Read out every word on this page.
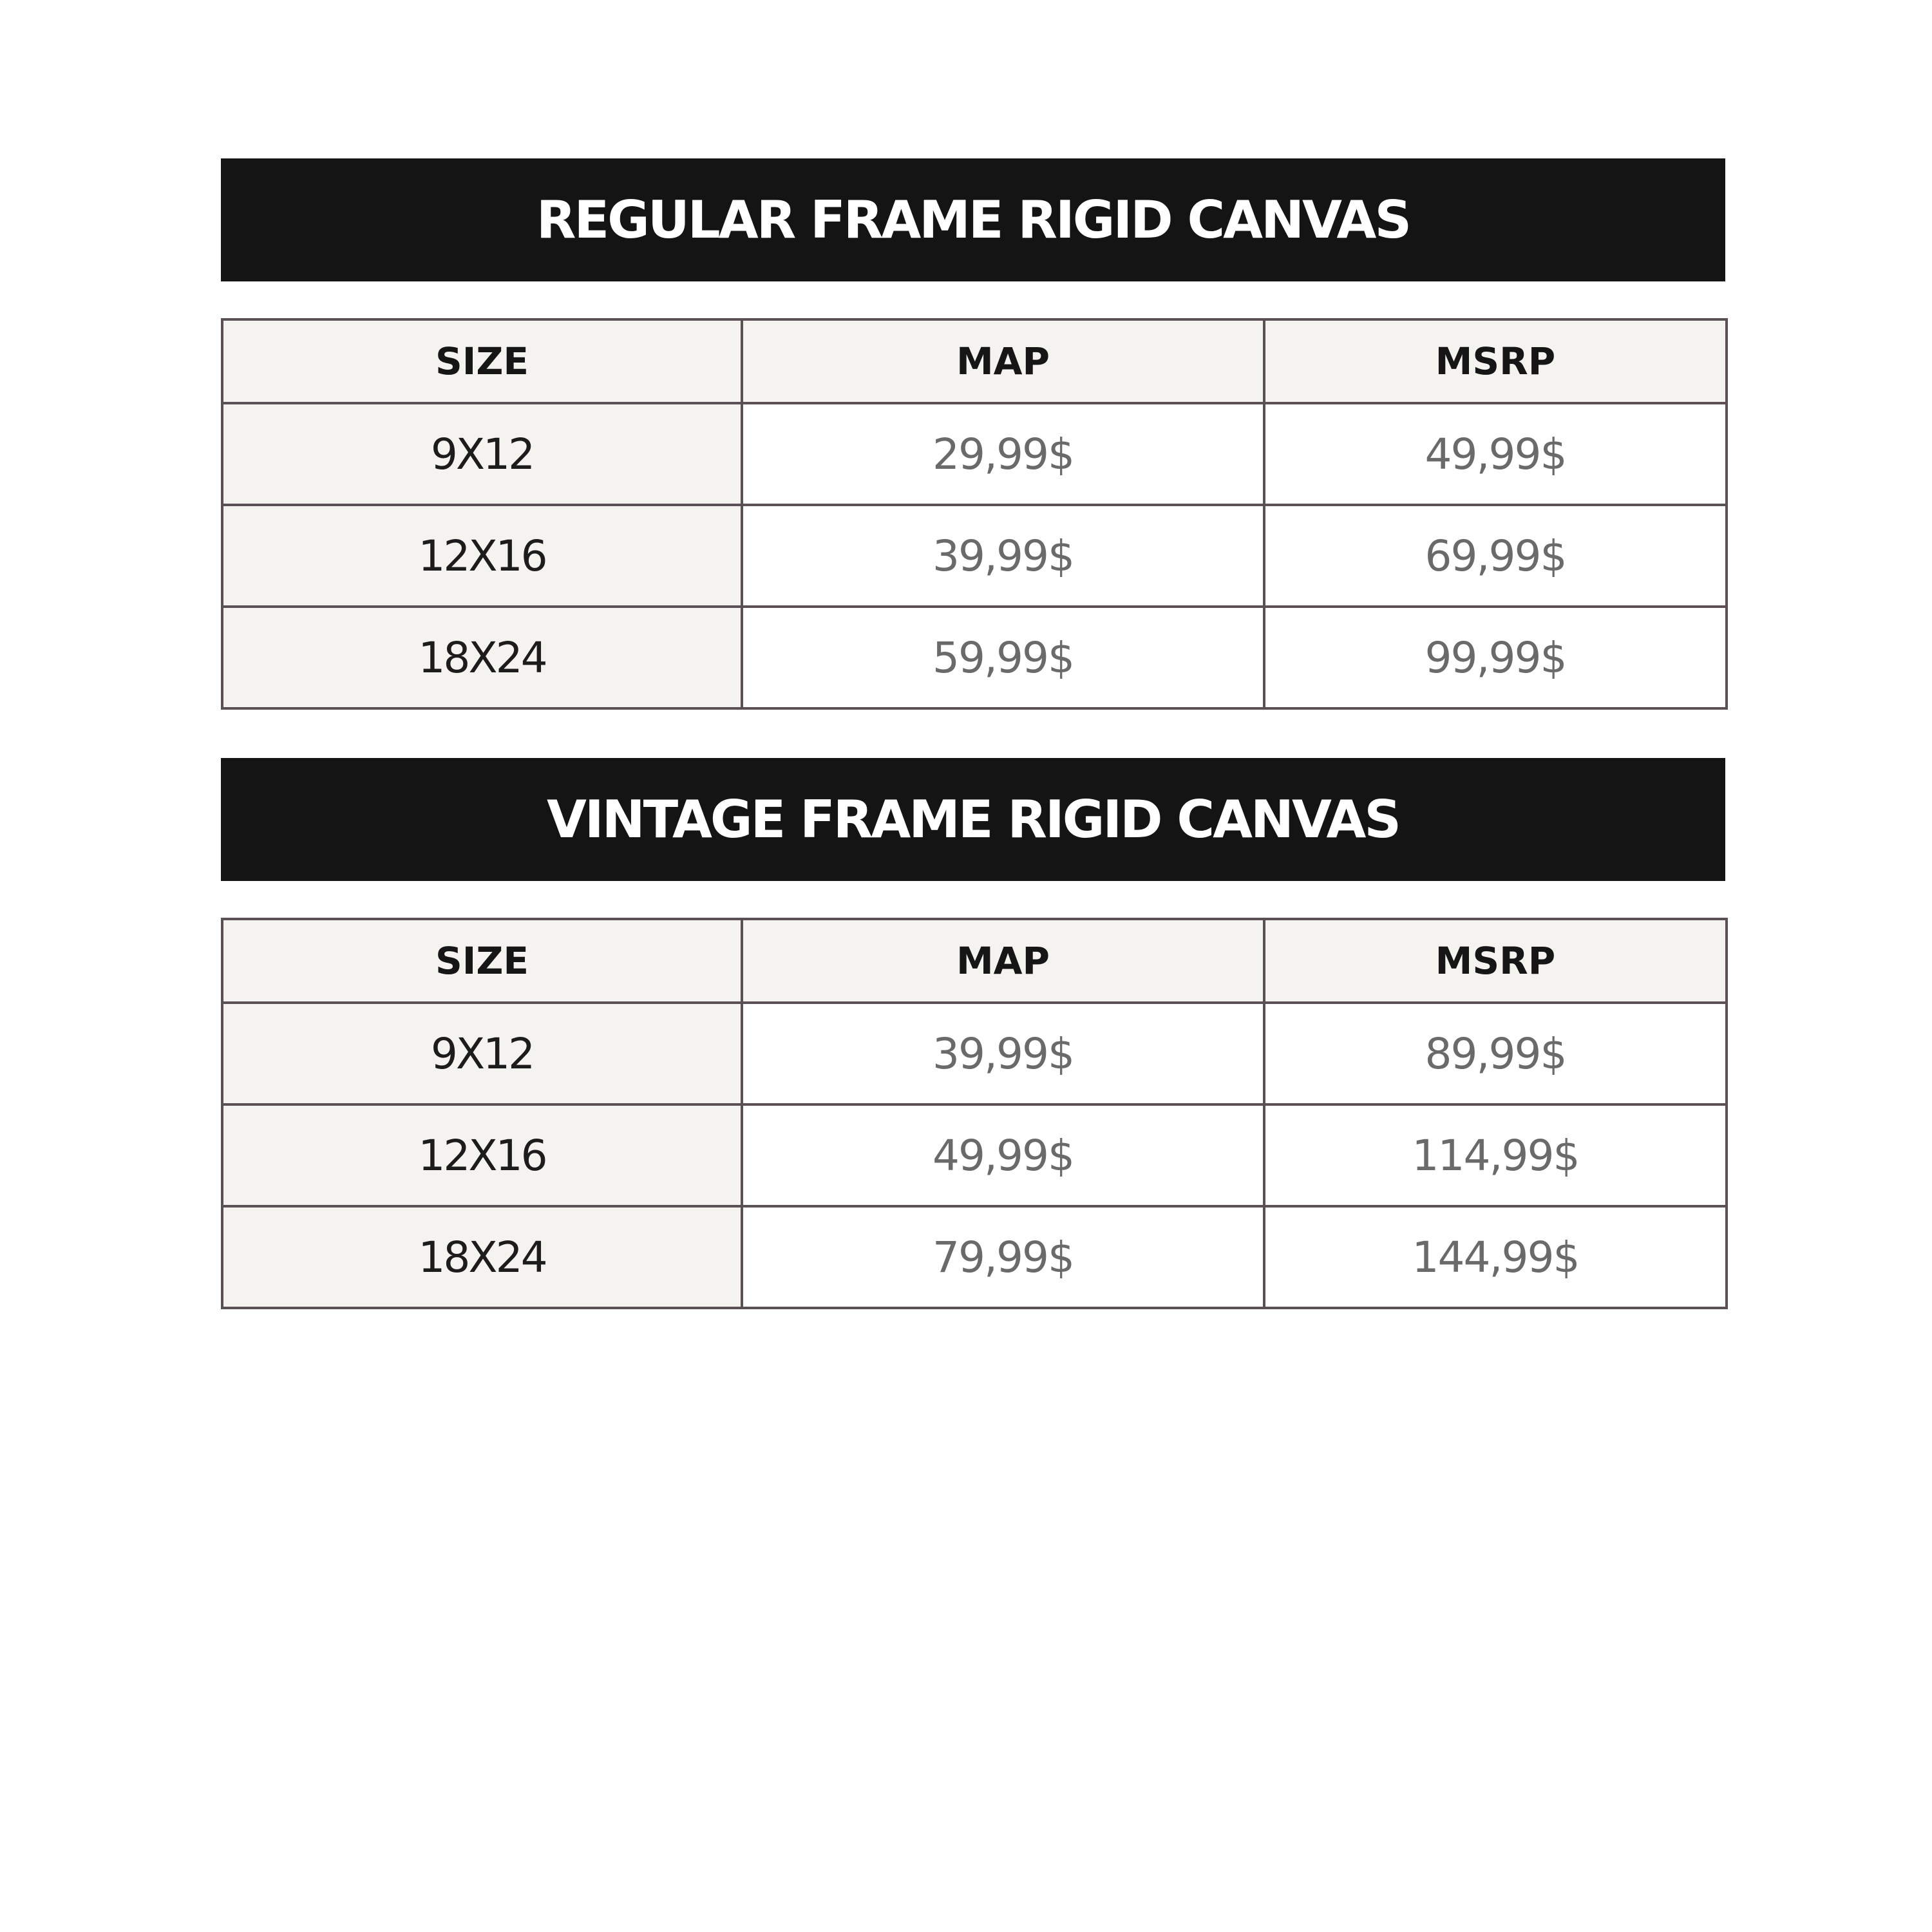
REGULAR FRAME RIGID CANVAS
SIZE	MAP	MSRP
9X12	29,99$	49,99$
12X16	39,99$	69,99$
18X24	59,99$	99,99$
VINTAGE FRAME RIGID CANVAS
SIZE	MAP	MSRP
9X12	39,99$	89,99$
12X16	49,99$	114,99$
18X24	79,99$	144,99$
